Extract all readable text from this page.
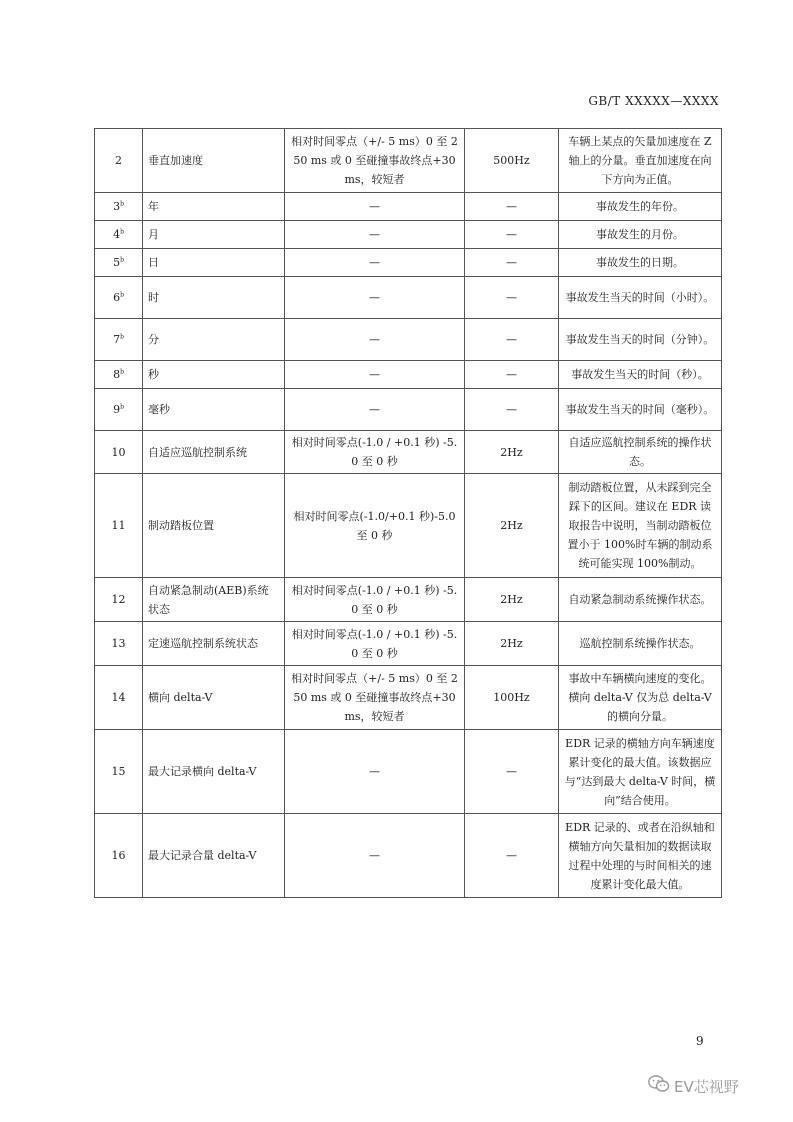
GB/T XXXXX—XXXX
2	垂直加速度	相对时间零点（+/- 5 ms）0 至 250 ms 或 0 至碰撞事故终点+30ms，较短者	500Hz	车辆上某点的矢量加速度在 Z 轴上的分量。垂直加速度在向下方向为正值。
3$^b$	年	—	—	事故发生的年份。
4$^b$	月	—	—	事故发生的月份。
5$^b$	日	—	—	事故发生的日期。
6$^b$	时	—	—	事故发生当天的时间（小时）。
7$^b$	分	—	—	事故发生当天的时间（分钟）。
8$^b$	秒	—	—	事故发生当天的时间（秒）。
9$^b$	毫秒	—	—	事故发生当天的时间（毫秒）。
10	自适应巡航控制系统	相对时间零点(-1.0 / +0.1 秒) -5.0 至 0 秒	2Hz	自适应巡航控制系统的操作状态。
11	制动踏板位置	相对时间零点(-1.0/+0.1 秒)-5.0 至 0 秒	2Hz	制动踏板位置，从未踩到完全踩下的区间。建议在 EDR 读取报告中说明，当制动踏板位置小于 100%时车辆的制动系统可能实现 100%制动。
12	自动紧急制动(AEB)系统状态	相对时间零点(-1.0 / +0.1 秒) -5.0 至 0 秒	2Hz	自动紧急制动系统操作状态。
13	定速巡航控制系统状态	相对时间零点(-1.0 / +0.1 秒) -5.0 至 0 秒	2Hz	巡航控制系统操作状态。
14	横向 delta-V	相对时间零点（+/- 5 ms）0 至 250 ms 或 0 至碰撞事故终点+30ms，较短者	100Hz	事故中车辆横向速度的变化。横向 delta-V 仅为总 delta-V 的横向分量。
15	最大记录横向 delta-V	—	—	EDR 记录的横轴方向车辆速度累计变化的最大值。该数据应与“达到最大 delta-V 时间，横向”结合使用。
16	最大记录合量 delta-V	—	—	EDR 记录的、或者在沿纵轴和横轴方向矢量相加的数据读取过程中处理的与时间相关的速度累计变化最大值。
9
EV芯视野
